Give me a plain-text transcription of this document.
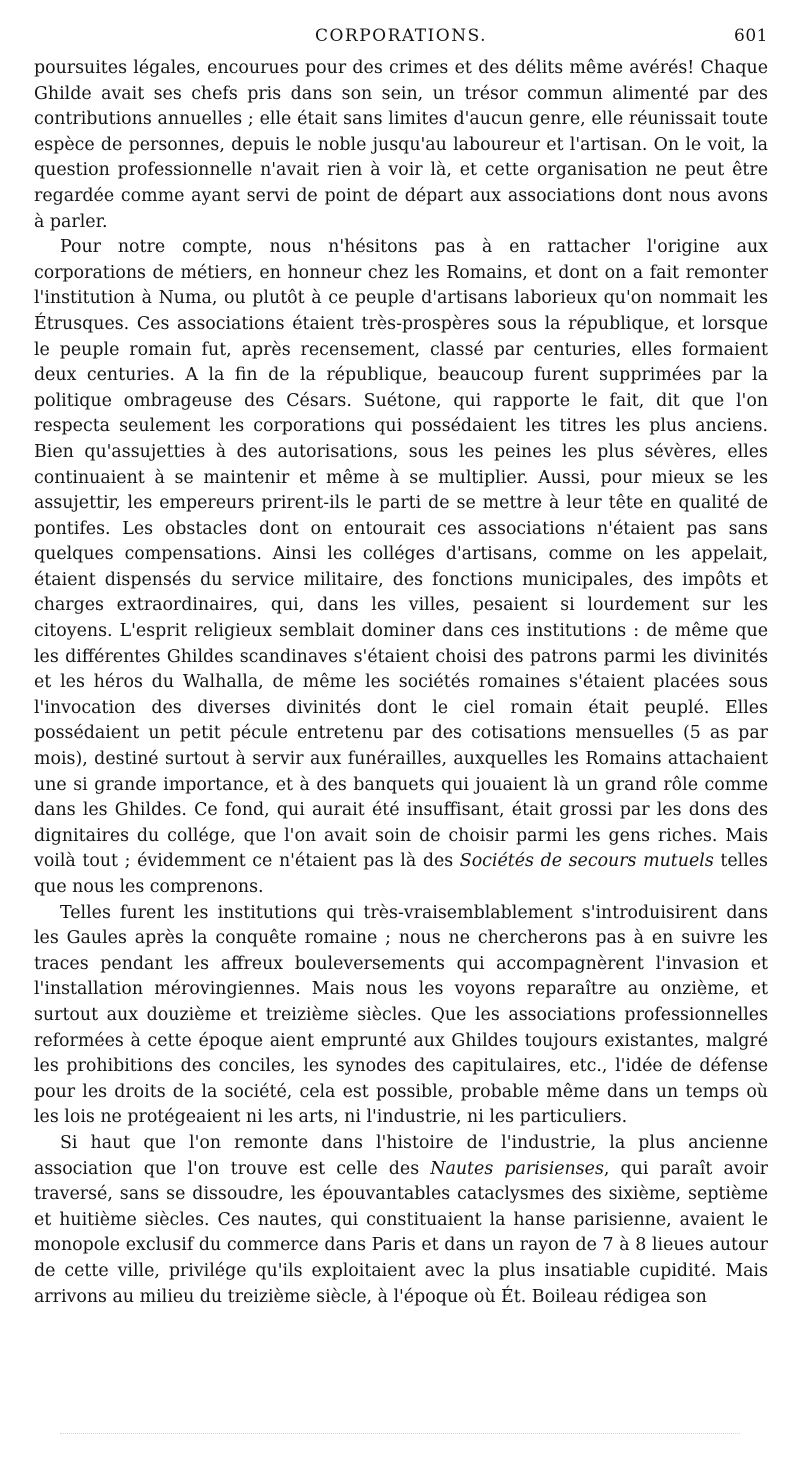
CORPORATIONS.	601

poursuites légales, encourues pour des crimes et des délits même avérés! Chaque Ghilde avait ses chefs pris dans son sein, un trésor commun alimenté par des contributions annuelles ; elle était sans limites d'aucun genre, elle réunissait toute espèce de personnes, depuis le noble jusqu'au laboureur et l'artisan. On le voit, la question professionnelle n'avait rien à voir là, et cette organisation ne peut être regardée comme ayant servi de point de départ aux associations dont nous avons à parler.

Pour notre compte, nous n'hésitons pas à en rattacher l'origine aux corporations de métiers, en honneur chez les Romains, et dont on a fait remonter l'institution à Numa, ou plutôt à ce peuple d'artisans laborieux qu'on nommait les Étrusques. Ces associations étaient très-prospères sous la république, et lorsque le peuple romain fut, après recensement, classé par centuries, elles formaient deux centuries. A la fin de la république, beaucoup furent supprimées par la politique ombrageuse des Césars. Suétone, qui rapporte le fait, dit que l'on respecta seulement les corporations qui possédaient les titres les plus anciens. Bien qu'assujetties à des autorisations, sous les peines les plus sévères, elles continuaient à se maintenir et même à se multiplier. Aussi, pour mieux se les assujettir, les empereurs prirent-ils le parti de se mettre à leur tête en qualité de pontifes. Les obstacles dont on entourait ces associations n'étaient pas sans quelques compensations. Ainsi les colléges d'artisans, comme on les appelait, étaient dispensés du service militaire, des fonctions municipales, des impôts et charges extraordinaires, qui, dans les villes, pesaient si lourdement sur les citoyens. L'esprit religieux semblait dominer dans ces institutions : de même que les différentes Ghildes scandinaves s'étaient choisi des patrons parmi les divinités et les héros du Walhalla, de même les sociétés romaines s'étaient placées sous l'invocation des diverses divinités dont le ciel romain était peuplé. Elles possédaient un petit pécule entretenu par des cotisations mensuelles (5 as par mois), destiné surtout à servir aux funérailles, auxquelles les Romains attachaient une si grande importance, et à des banquets qui jouaient là un grand rôle comme dans les Ghildes. Ce fond, qui aurait été insuffisant, était grossi par les dons des dignitaires du collége, que l'on avait soin de choisir parmi les gens riches. Mais voilà tout ; évidemment ce n'étaient pas là des Sociétés de secours mutuels telles que nous les comprenons.

Telles furent les institutions qui très-vraisemblablement s'introduisirent dans les Gaules après la conquête romaine ; nous ne chercherons pas à en suivre les traces pendant les affreux bouleversements qui accompagnèrent l'invasion et l'installation mérovingiennes. Mais nous les voyons reparaître au onzième, et surtout aux douzième et treizième siècles. Que les associations professionnelles reformées à cette époque aient emprunté aux Ghildes toujours existantes, malgré les prohibitions des conciles, les synodes des capitulaires, etc., l'idée de défense pour les droits de la société, cela est possible, probable même dans un temps où les lois ne protégeaient ni les arts, ni l'industrie, ni les particuliers.

Si haut que l'on remonte dans l'histoire de l'industrie, la plus ancienne association que l'on trouve est celle des Nautes parisienses, qui paraît avoir traversé, sans se dissoudre, les épouvantables cataclysmes des sixième, septième et huitième siècles. Ces nautes, qui constituaient la hanse parisienne, avaient le monopole exclusif du commerce dans Paris et dans un rayon de 7 à 8 lieues autour de cette ville, privilége qu'ils exploitaient avec la plus insatiable cupidité. Mais arrivons au milieu du treizième siècle, à l'époque où Ét. Boileau rédigea son
